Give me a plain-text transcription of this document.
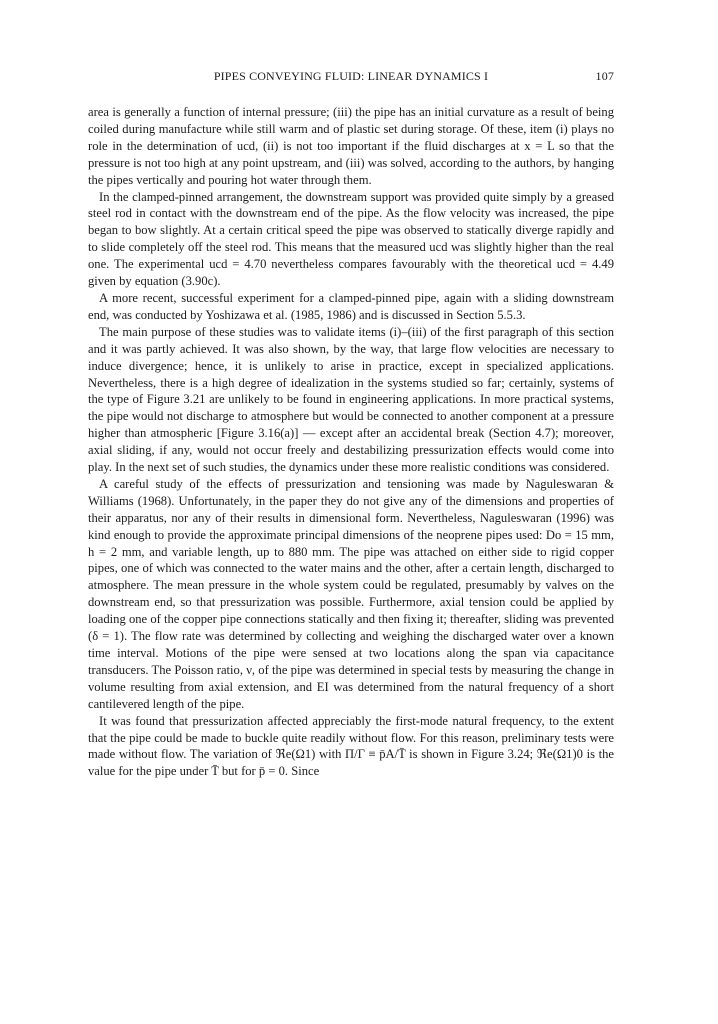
PIPES CONVEYING FLUID: LINEAR DYNAMICS I	107

area is generally a function of internal pressure; (iii) the pipe has an initial curvature as a result of being coiled during manufacture while still warm and of plastic set during storage. Of these, item (i) plays no role in the determination of ucd, (ii) is not too important if the fluid discharges at x = L so that the pressure is not too high at any point upstream, and (iii) was solved, according to the authors, by hanging the pipes vertically and pouring hot water through them.

In the clamped-pinned arrangement, the downstream support was provided quite simply by a greased steel rod in contact with the downstream end of the pipe. As the flow velocity was increased, the pipe began to bow slightly. At a certain critical speed the pipe was observed to statically diverge rapidly and to slide completely off the steel rod. This means that the measured ucd was slightly higher than the real one. The experimental ucd = 4.70 nevertheless compares favourably with the theoretical ucd = 4.49 given by equation (3.90c).

A more recent, successful experiment for a clamped-pinned pipe, again with a sliding downstream end, was conducted by Yoshizawa et al. (1985, 1986) and is discussed in Section 5.5.3.

The main purpose of these studies was to validate items (i)–(iii) of the first paragraph of this section and it was partly achieved. It was also shown, by the way, that large flow velocities are necessary to induce divergence; hence, it is unlikely to arise in practice, except in specialized applications. Nevertheless, there is a high degree of idealization in the systems studied so far; certainly, systems of the type of Figure 3.21 are unlikely to be found in engineering applications. In more practical systems, the pipe would not discharge to atmosphere but would be connected to another component at a pressure higher than atmospheric [Figure 3.16(a)] — except after an accidental break (Section 4.7); moreover, axial sliding, if any, would not occur freely and destabilizing pressurization effects would come into play. In the next set of such studies, the dynamics under these more realistic conditions was considered.

A careful study of the effects of pressurization and tensioning was made by Naguleswaran & Williams (1968). Unfortunately, in the paper they do not give any of the dimensions and properties of their apparatus, nor any of their results in dimensional form. Nevertheless, Naguleswaran (1996) was kind enough to provide the approximate principal dimensions of the neoprene pipes used: Do = 15 mm, h = 2 mm, and variable length, up to 880 mm. The pipe was attached on either side to rigid copper pipes, one of which was connected to the water mains and the other, after a certain length, discharged to atmosphere. The mean pressure in the whole system could be regulated, presumably by valves on the downstream end, so that pressurization was possible. Furthermore, axial tension could be applied by loading one of the copper pipe connections statically and then fixing it; thereafter, sliding was prevented (δ = 1). The flow rate was determined by collecting and weighing the discharged water over a known time interval. Motions of the pipe were sensed at two locations along the span via capacitance transducers. The Poisson ratio, ν, of the pipe was determined in special tests by measuring the change in volume resulting from axial extension, and EI was determined from the natural frequency of a short cantilevered length of the pipe.

It was found that pressurization affected appreciably the first-mode natural frequency, to the extent that the pipe could be made to buckle quite readily without flow. For this reason, preliminary tests were made without flow. The variation of ℜe(Ω1) with Π/Γ ≡ p̄A/T̄ is shown in Figure 3.24; ℜe(Ω1)0 is the value for the pipe under T̄ but for p̄ = 0. Since
